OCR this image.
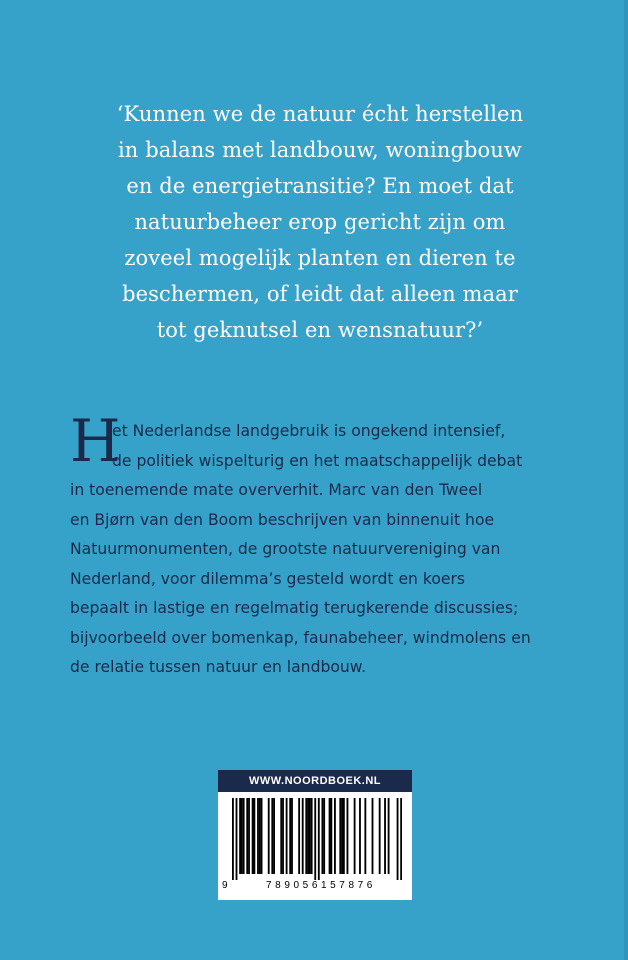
‘Kunnen we de natuur écht herstellen
in balans met landbouw, woningbouw
en de energietransitie? En moet dat
natuurbeheer erop gericht zijn om
zoveel mogelijk planten en dieren te
beschermen, of leidt dat alleen maar
tot geknutsel en wensnatuur?’

H

et Nederlandse landgebruik is ongekend intensief,
de politiek wispelturig en het maatschappelijk debat
in toenemende mate oververhit. Marc van den Tweel
en Bjørn van den Boom beschrijven van binnenuit hoe
Natuurmonumenten, de grootste natuurvereniging van
Nederland, voor dilemma’s gesteld wordt en koers
bepaalt in lastige en regelmatig terugkerende discussies;
bijvoorbeeld over bomenkap, faunabeheer, windmolens en
de relatie tussen natuur en landbouw.

WWW.NOORDBOEK.NL
9	789056157876
